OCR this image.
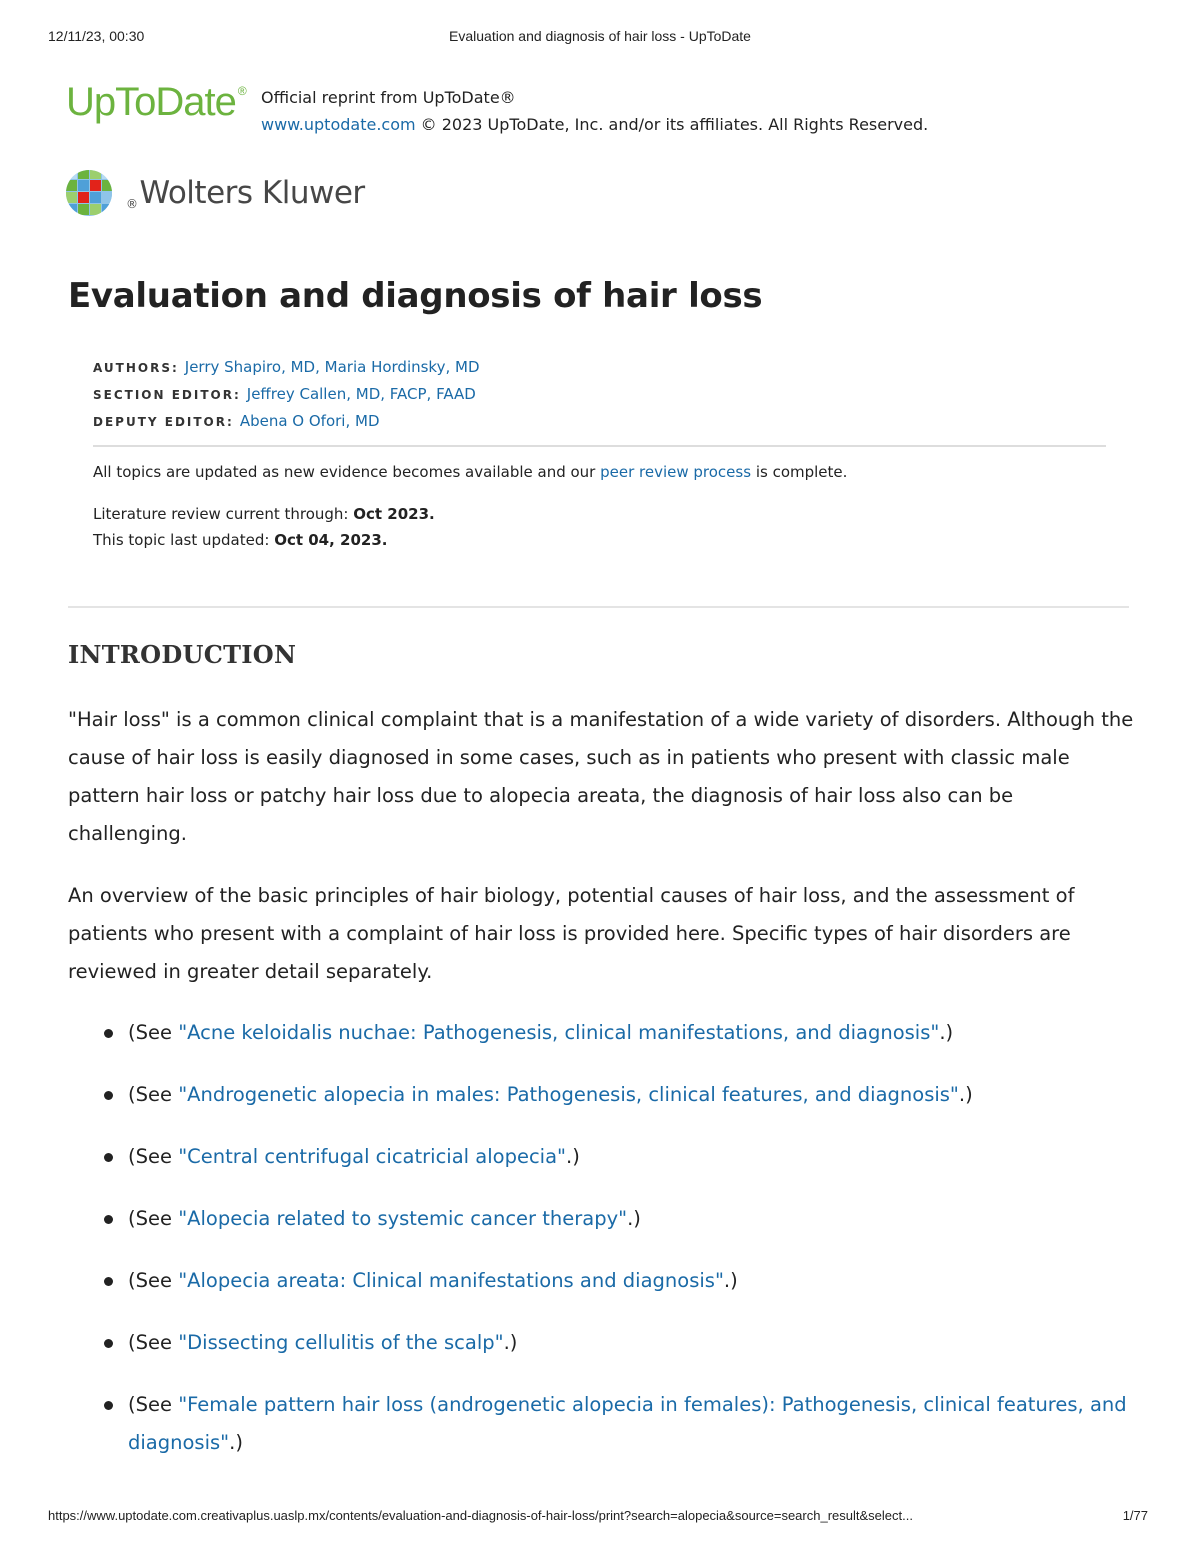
12/11/23, 00:30	Evaluation and diagnosis of hair loss - UpToDate
UpToDate ® Official reprint from UpToDate®
www.uptodate.com © 2023 UpToDate, Inc. and/or its affiliates. All Rights Reserved.
®Wolters Kluwer
Evaluation and diagnosis of hair loss
AUTHORS: Jerry Shapiro, MD, Maria Hordinsky, MD
SECTION EDITOR: Jeffrey Callen, MD, FACP, FAAD
DEPUTY EDITOR: Abena O Ofori, MD
All topics are updated as new evidence becomes available and our peer review process is complete.
Literature review current through: Oct 2023.
This topic last updated: Oct 04, 2023.
INTRODUCTION

"Hair loss" is a common clinical complaint that is a manifestation of a wide variety of disorders. Although the cause of hair loss is easily diagnosed in some cases, such as in patients who present with classic male pattern hair loss or patchy hair loss due to alopecia areata, the diagnosis of hair loss also can be challenging.

An overview of the basic principles of hair biology, potential causes of hair loss, and the assessment of patients who present with a complaint of hair loss is provided here. Specific types of hair disorders are reviewed in greater detail separately.

(See "Acne keloidalis nuchae: Pathogenesis, clinical manifestations, and diagnosis".)
(See "Androgenetic alopecia in males: Pathogenesis, clinical features, and diagnosis".)
(See "Central centrifugal cicatricial alopecia".)
(See "Alopecia related to systemic cancer therapy".)
(See "Alopecia areata: Clinical manifestations and diagnosis".)
(See "Dissecting cellulitis of the scalp".)
(See "Female pattern hair loss (androgenetic alopecia in females): Pathogenesis, clinical features, and diagnosis".)
https://www.uptodate.com.creativaplus.uaslp.mx/contents/evaluation-and-diagnosis-of-hair-loss/print?search=alopecia&source=search_result&select...	1/77
